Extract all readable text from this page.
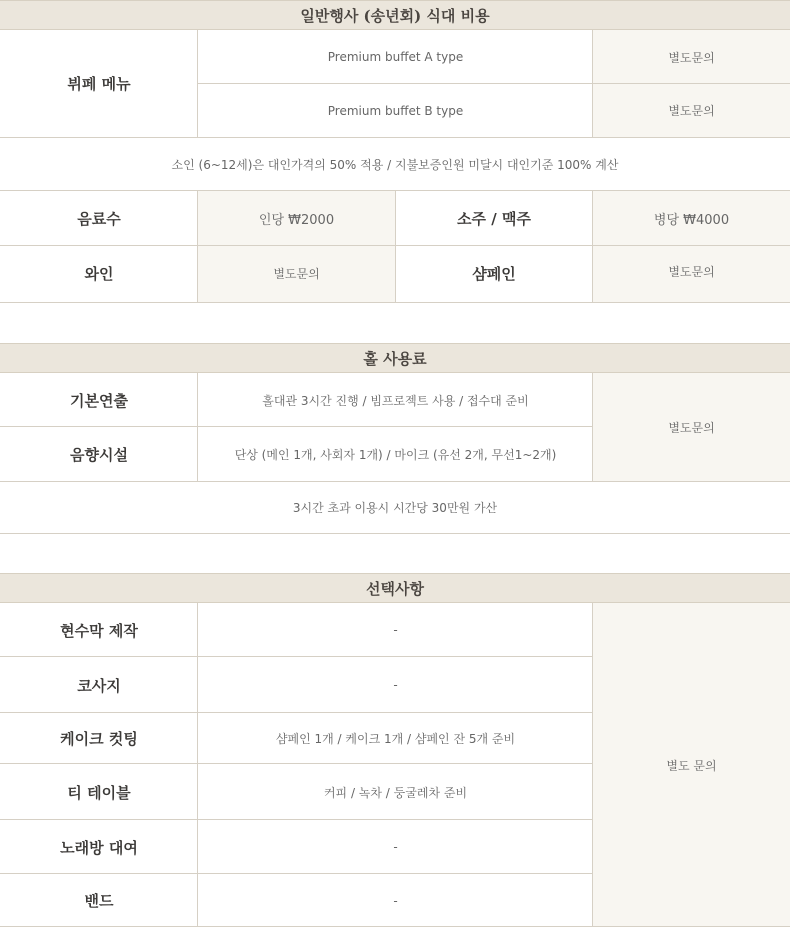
일반행사 (송년회) 식대 비용
뷔페 메뉴
Premium buffet A type	별도문의
Premium buffet B type	별도문의
소인 (6~12세)은 대인가격의 50% 적용 / 지불보증인원 미달시 대인기준 100% 계산
음료수	인당 ₩2000	소주 / 맥주	병당 ₩4000
와인	별도문의	샴페인	별도문의
홀 사용료
기본연출	홀대관 3시간 진행 / 빔프로젝트 사용 / 접수대 준비
음향시설	단상 (메인 1개, 사회자 1개) / 마이크 (유선 2개, 무선1~2개)
별도문의
3시간 초과 이용시 시간당 30만원 가산
선택사항
현수막 제작	-
코사지	-
케이크 컷팅	샴페인 1개 / 케이크 1개 / 샴페인 잔 5개 준비
티 테이블	커피 / 녹차 / 둥굴레차 준비
노래방 대여	-
밴드	-
별도 문의
